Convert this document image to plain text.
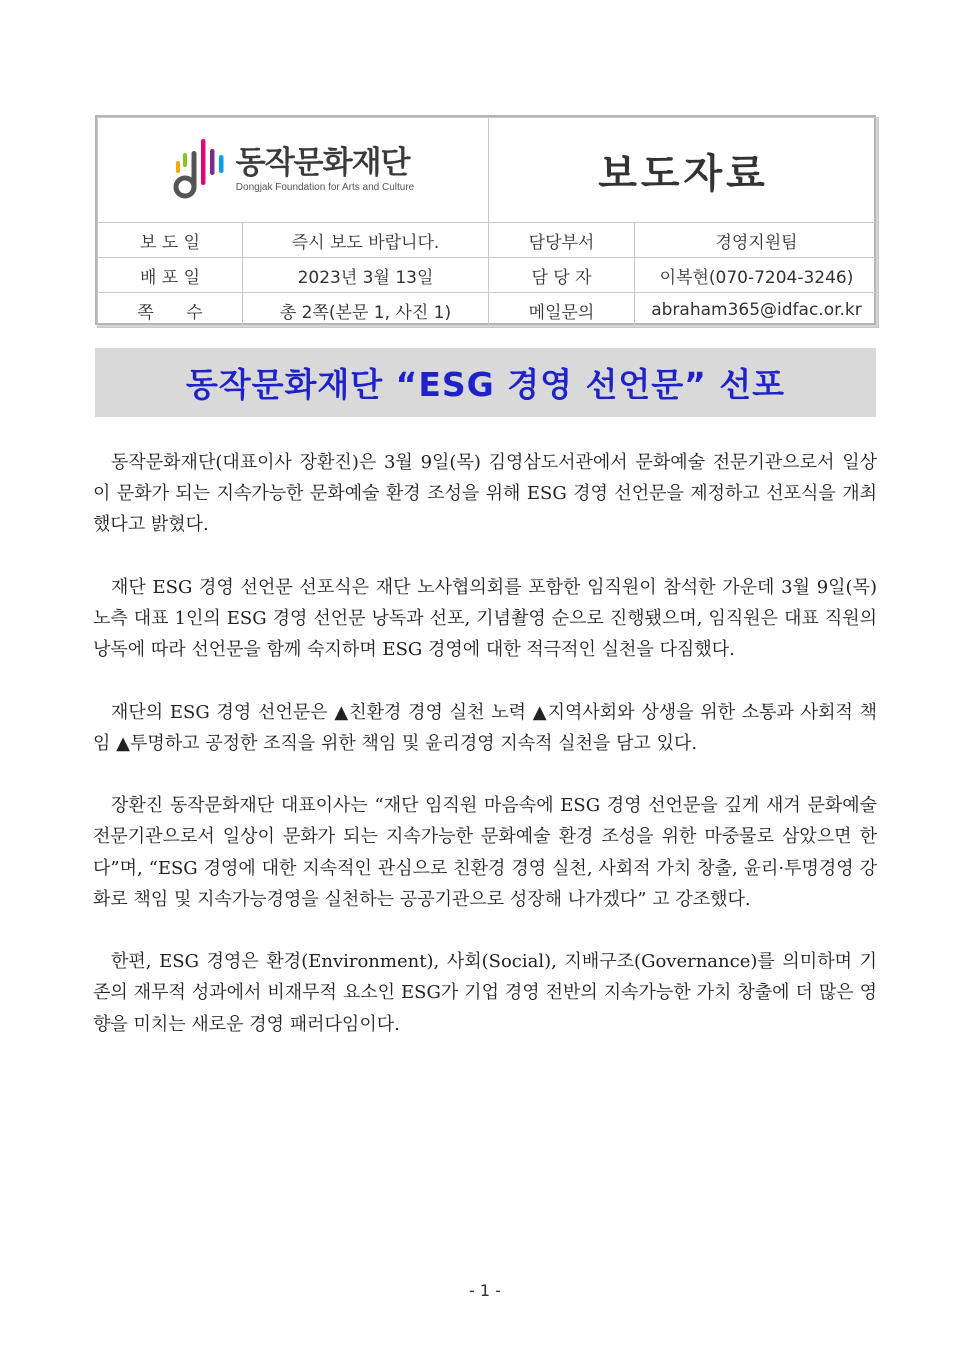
동작문화재단
Dongjak Foundation for Arts and Culture		보도자료	
보 도 일	즉시 보도 바랍니다.	담당부서	경영지원팀
배 포 일	2023년 3월 13일	담 당 자	이복현(070-7204-3246)
쪽      수	총 2쪽(본문 1, 사진 1)	메일문의	abraham365@idfac.or.kr
동작문화재단 “ESG 경영 선언문” 선포

동작문화재단(대표이사 장환진)은 3월 9일(목) 김영삼도서관에서 문화예술 전문기관으로서 일상이 문화가 되는 지속가능한 문화예술 환경 조성을 위해 ESG 경영 선언문을 제정하고 선포식을 개최했다고 밝혔다.

재단 ESG 경영 선언문 선포식은 재단 노사협의회를 포함한 임직원이 참석한 가운데 3월 9일(목) 노측 대표 1인의 ESG 경영 선언문 낭독과 선포, 기념촬영 순으로 진행됐으며, 임직원은 대표 직원의 낭독에 따라 선언문을 함께 숙지하며 ESG 경영에 대한 적극적인 실천을 다짐했다.

재단의 ESG 경영 선언문은 ▲친환경 경영 실천 노력 ▲지역사회와 상생을 위한 소통과 사회적 책임 ▲투명하고 공정한 조직을 위한 책임 및 윤리경영 지속적 실천을 담고 있다.

장환진 동작문화재단 대표이사는 “재단 임직원 마음속에 ESG 경영 선언문을 깊게 새겨 문화예술 전문기관으로서 일상이 문화가 되는 지속가능한 문화예술 환경 조성을 위한 마중물로 삼았으면 한다”며, “ESG 경영에 대한 지속적인 관심으로 친환경 경영 실천, 사회적 가치 창출, 윤리·투명경영 강화로 책임 및 지속가능경영을 실천하는 공공기관으로 성장해 나가겠다” 고 강조했다.

한편, ESG 경영은 환경(Environment), 사회(Social), 지배구조(Governance)를 의미하며 기존의 재무적 성과에서 비재무적 요소인 ESG가 기업 경영 전반의 지속가능한 가치 창출에 더 많은 영향을 미치는 새로운 경영 패러다임이다.

- 1 -
